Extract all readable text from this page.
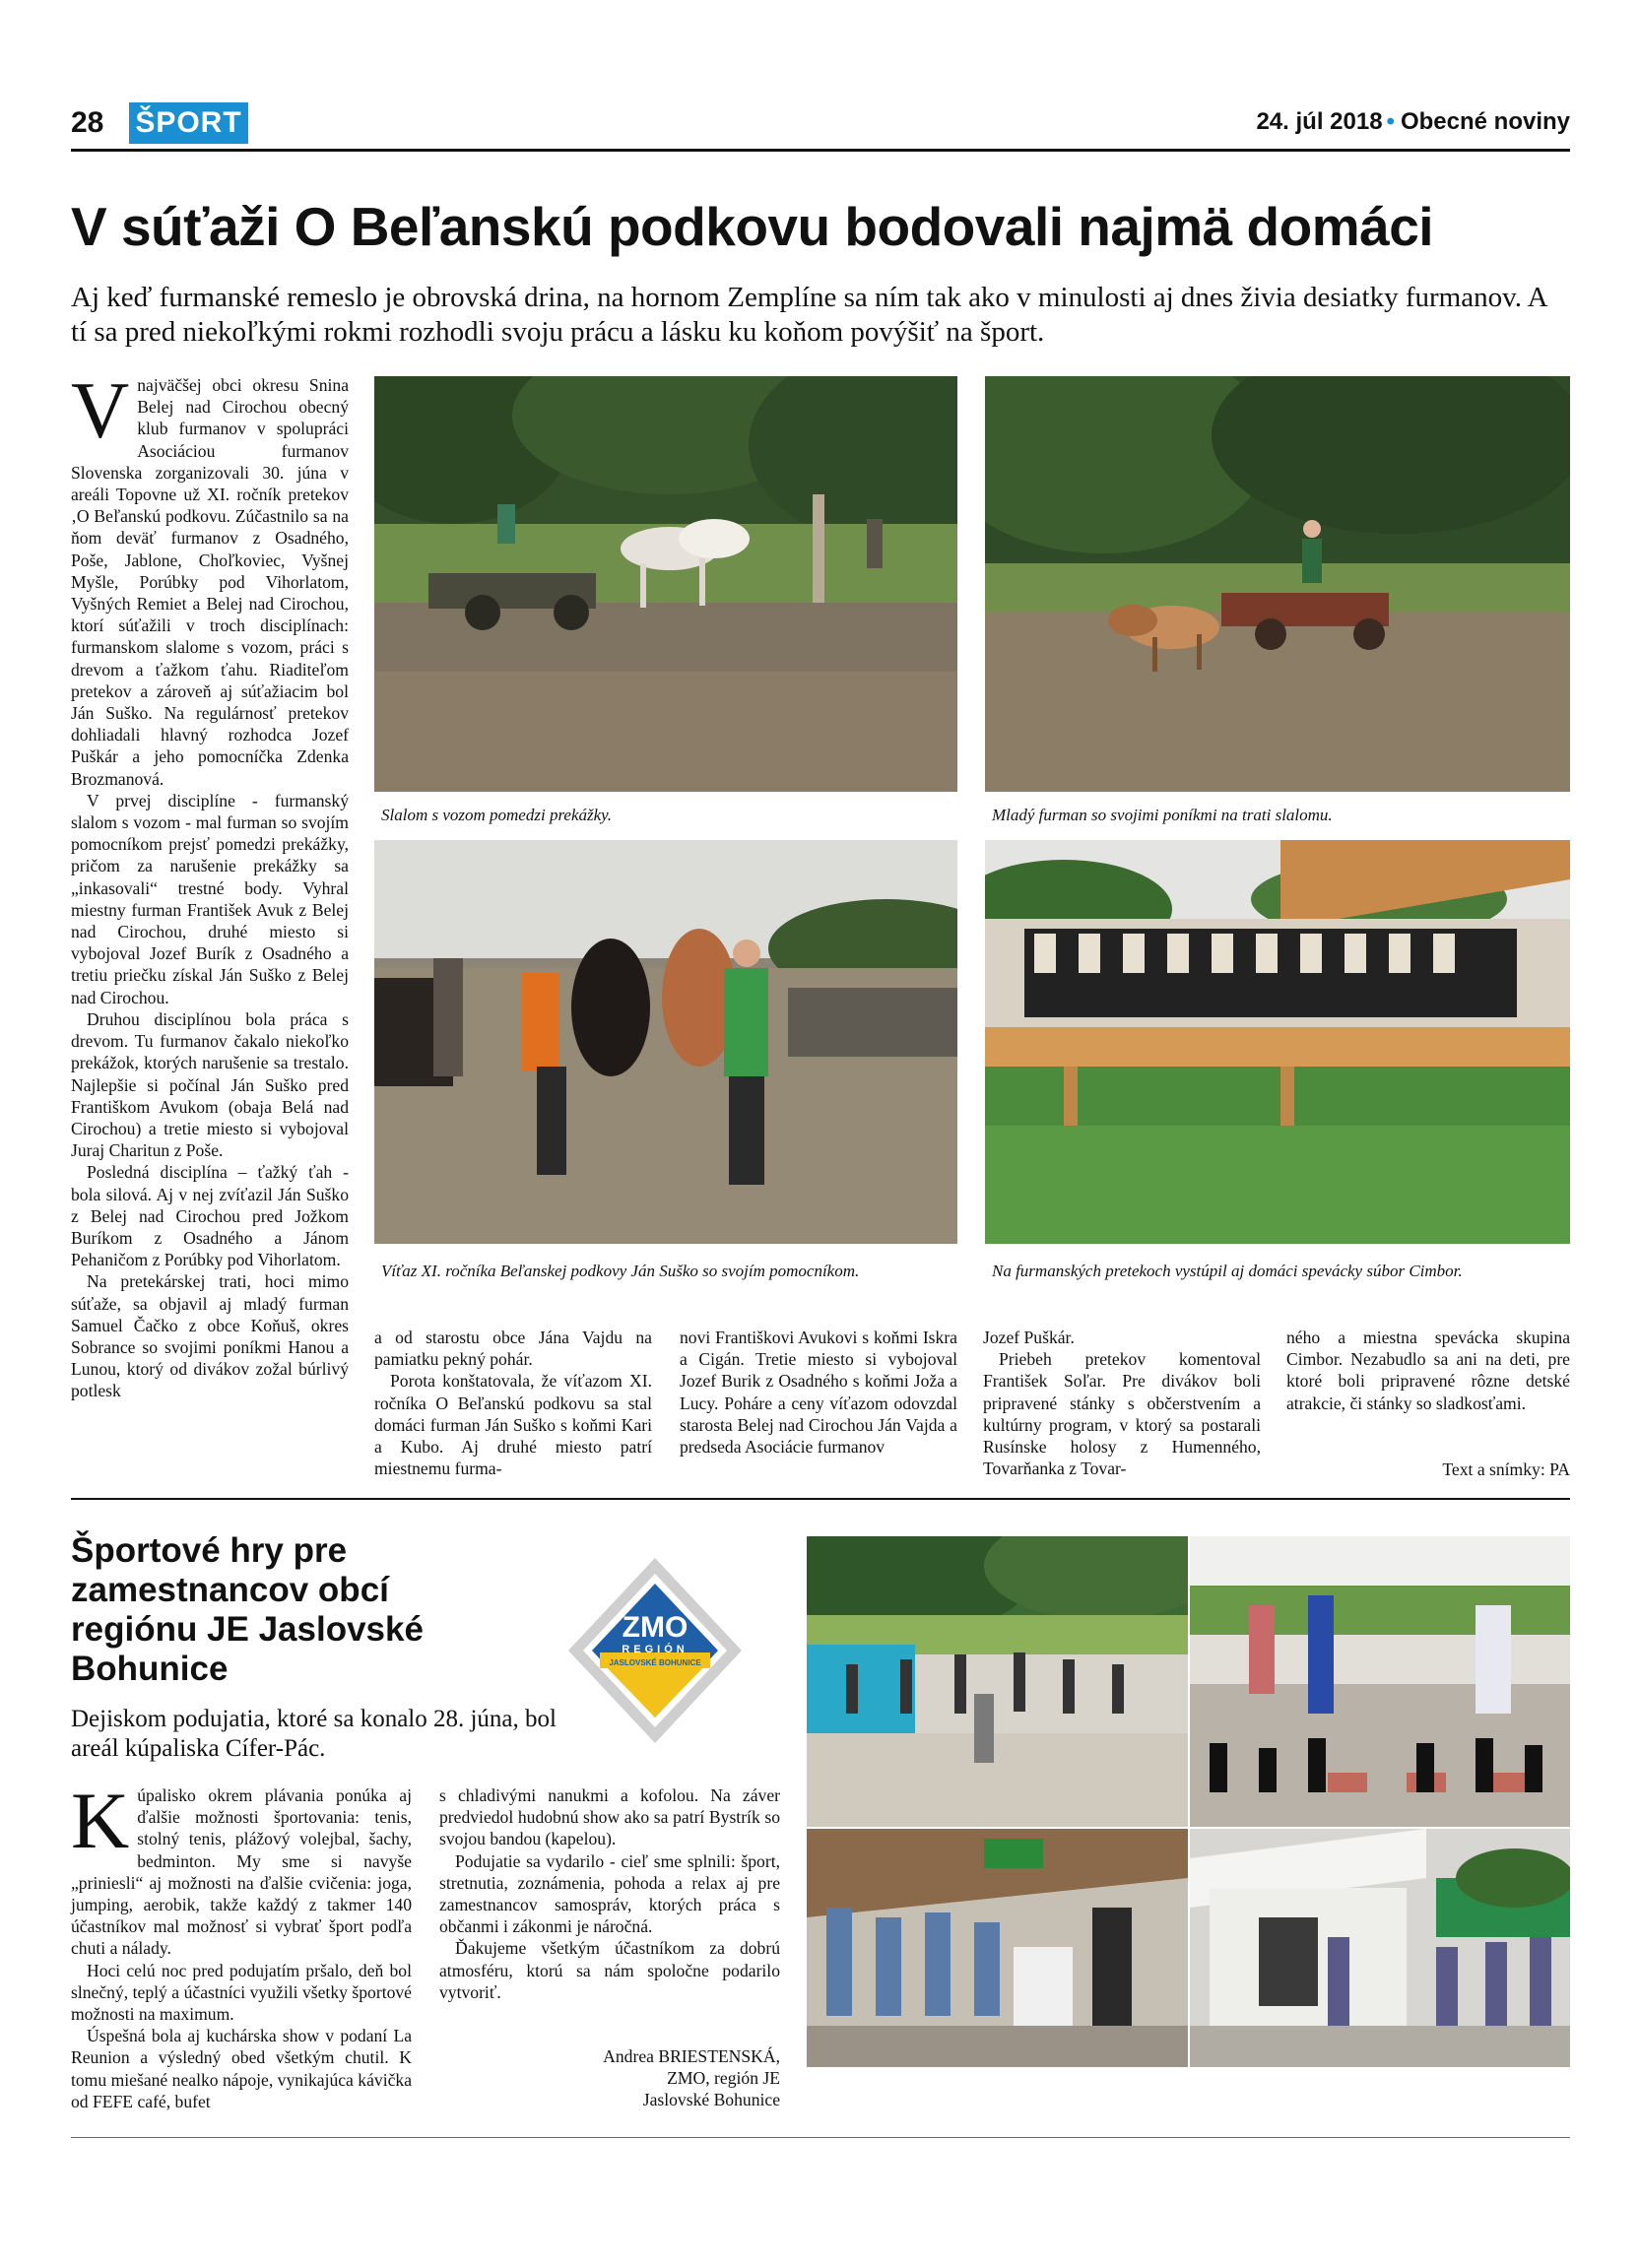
28 ŠPORT	24. júl 2018 • Obecné noviny
V súťaži O Beľanskú podkovu bodovali najmä domáci

Aj keď furmanské remeslo je obrovská drina, na hornom Zemplíne sa ním tak ako v minulosti aj dnes živia desiatky furmanov. A tí sa pred niekoľkými rokmi rozhodli svoju prácu a lásku ku koňom povýšiť na šport.

Vnajväčšej obci okresu Snina Belej nad Cirochou obecný klub furmanov v spolupráci Asociáciou furmanov Slovenska zorganizovali 30. júna v areáli Topovne už XI. ročník pretekov ‚O Beľanskú podkovu. Zúčastnilo sa na ňom deväť furmanov z Osadného, Poše, Jablone, Choľkoviec, Vyšnej Myšle, Porúbky pod Vihorlatom, Vyšných Remiet a Belej nad Cirochou, ktorí súťažili v troch disciplínach: furmanskom slalome s vozom, práci s drevom a ťažkom ťahu. Riaditeľom pretekov a zároveň aj súťažiacim bol Ján Suško. Na regulárnosť pretekov dohliadali hlavný rozhodca Jozef Puškár a jeho pomocníčka Zdenka Brozmanová.

V prvej disciplíne - furmanský slalom s vozom - mal furman so svojím pomocníkom prejsť pomedzi prekážky, pričom za narušenie prekážky sa „inkasovali“ trestné body. Vyhral miestny furman František Avuk z Belej nad Cirochou, druhé miesto si vybojoval Jozef Burík z Osadného a tretiu priečku získal Ján Suško z Belej nad Cirochou.

Druhou disciplínou bola práca s drevom. Tu furmanov čakalo niekoľko prekážok, ktorých narušenie sa trestalo. Najlepšie si počínal Ján Suško pred Františkom Avukom (obaja Belá nad Cirochou) a tretie miesto si vybojoval Juraj Charitun z Poše.

Posledná disciplína – ťažký ťah - bola silová. Aj v nej zvíťazil Ján Suško z Belej nad Cirochou pred Jožkom Buríkom z Osadného a Jánom Pehaničom z Porúbky pod Vihorlatom.

Na pretekárskej trati, hoci mimo súťaže, sa objavil aj mladý furman Samuel Čačko z obce Koňuš, okres Sobrance so svojimi poníkmi Hanou a Lunou, ktorý od divákov zožal búrlivý potlesk

a od starostu obce Jána Vajdu na pamiatku pekný pohár.

Porota konštatovala, že víťazom XI. ročníka O Beľanskú podkovu sa stal domáci furman Ján Suško s koňmi Kari a Kubo. Aj druhé miesto patrí miestnemu furma-

novi Františkovi Avukovi s koňmi Iskra a Cigán. Tretie miesto si vybojoval Jozef Burik z Osadného s koňmi Joža a Lucy. Poháre a ceny víťazom odovzdal starosta Belej nad Cirochou Ján Vajda a predseda Asociácie furmanov

Jozef Puškár.

Priebeh pretekov komentoval František Soľar. Pre divákov boli pripravené stánky s občerstvením a kultúrny program, v ktorý sa postarali Rusínske holosy z Humenného, Tovarňanka z Tovar-

ného a miestna spevácka skupina Cimbor. Nezabudlo sa ani na deti, pre ktoré boli pripravené rôzne detské atrakcie, či stánky so sladkosťami.

Text a snímky: PA
Slalom s vozom pomedzi prekážky.	Mladý furman so svojimi poníkmi na trati slalomu.
Víťaz XI. ročníka Beľanskej podkovy Ján Suško so svojím pomocníkom.	Na furmanských pretekoch vystúpil aj domáci spevácky súbor Cimbor.
Športové hry pre zamestnancov obcí regiónu JE Jaslovské Bohunice

Dejiskom podujatia, ktoré sa konalo 28. júna, bol areál kúpaliska Cífer-Pác.

ZMO
REGIÓN
JASLOVSKÉ BOHUNICE

Kúpalisko okrem plávania ponúka aj ďalšie možnosti športovania: tenis, stolný tenis, plážový volejbal, šachy, bedminton. My sme si navyše „priniesli“ aj možnosti na ďalšie cvičenia: joga, jumping, aerobik, takže každý z takmer 140 účastníkov mal možnosť si vybrať šport podľa chuti a nálady.

Hoci celú noc pred podujatím pršalo, deň bol slnečný, teplý a účastníci využili všetky športové možnosti na maximum.

Úspešná bola aj kuchárska show v podaní La Reunion a výsledný obed všetkým chutil. K tomu miešané nealko nápoje, vynikajúca kávička od FEFE café, bufet

s chladivými nanukmi a kofolou. Na záver predviedol hudobnú show ako sa patrí Bystrík so svojou bandou (kapelou).

Podujatie sa vydarilo - cieľ sme splnili: šport, stretnutia, zoznámenia, pohoda a relax aj pre zamestnancov samospráv, ktorých práca s občanmi i zákonmi je náročná.

Ďakujeme všetkým účastníkom za dobrú atmosféru, ktorú sa nám spoločne podarilo vytvoriť.

Andrea BRIESTENSKÁ,
ZMO, región JE
Jaslovské Bohunice
